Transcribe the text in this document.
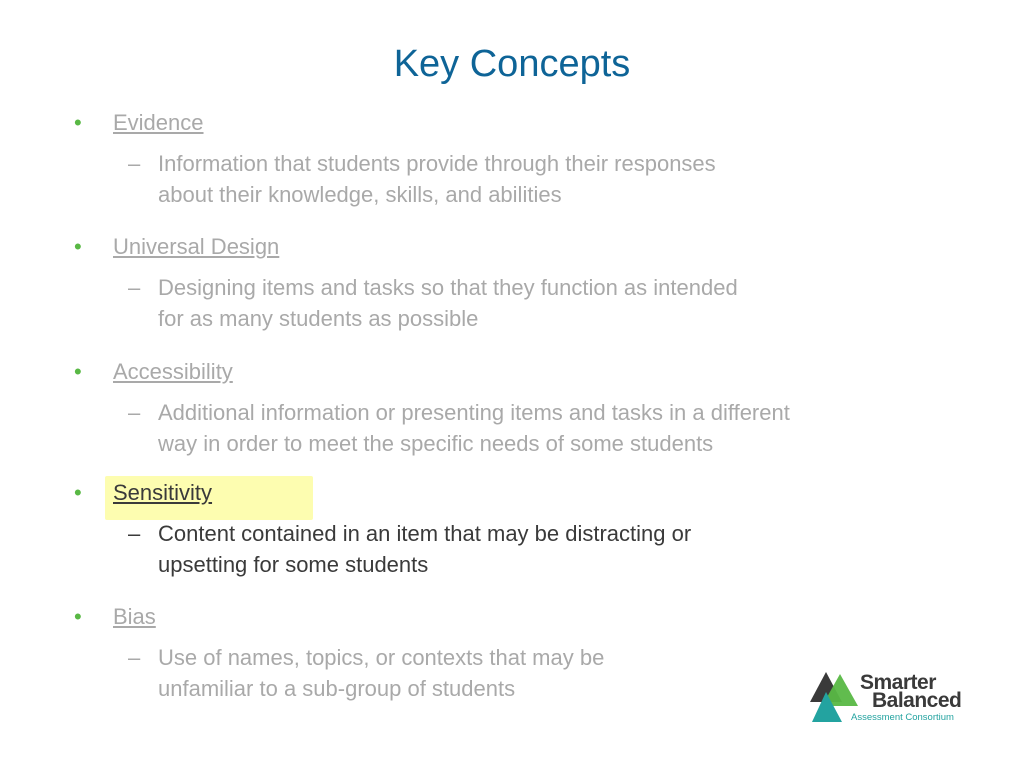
Key Concepts
• Evidence
– Information that students provide through their responses
about their knowledge, skills, and abilities
• Universal Design
– Designing items and tasks so that they function as intended
for as many students as possible
• Accessibility
– Additional information or presenting items and tasks in a different
way in order to meet the specific needs of some students
• Sensitivity
– Content contained in an item that may be distracting or
upsetting for some students
• Bias
– Use of names, topics, or contexts that may be
unfamiliar to a sub-group of students	Smarter
Balanced
Assessment Consortium
